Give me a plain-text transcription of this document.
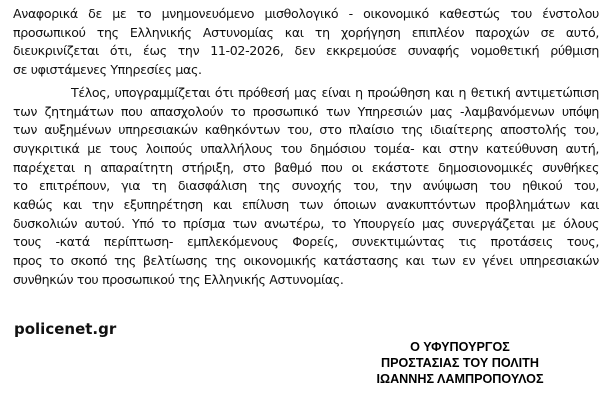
Αναφορικά δε με το μνημονευόμενο μισθολογικό - οικονομικό καθεστώς του ένστολου
προσωπικού της Ελληνικής Αστυνομίας και τη χορήγηση επιπλέον παροχών σε αυτό,
διευκρινίζεται ότι, έως την 11-02-2026, δεν εκκρεμούσε συναφής νομοθετική ρύθμιση
σε υφιστάμενες Υπηρεσίες μας.

Τέλος, υπογραμμίζεται ότι πρόθεσή μας είναι η προώθηση και η θετική αντιμετώπιση
των ζητημάτων που απασχολούν το προσωπικό των Υπηρεσιών μας -λαμβανόμενων υπόψη
των αυξημένων υπηρεσιακών καθηκόντων του, στο πλαίσιο της ιδιαίτερης αποστολής του,
συγκριτικά με τους λοιπούς υπαλλήλους του δημόσιου τομέα- και στην κατεύθυνση αυτή,
παρέχεται η απαραίτητη στήριξη, στο βαθμό που οι εκάστοτε δημοσιονομικές συνθήκες
το επιτρέπουν, για τη διασφάλιση της συνοχής του, την ανύψωση του ηθικού του,
καθώς και την εξυπηρέτηση και επίλυση των όποιων ανακυπτόντων προβλημάτων και
δυσκολιών αυτού. Υπό το πρίσμα των ανωτέρω, το Υπουργείο μας συνεργάζεται με όλους
τους -κατά περίπτωση- εμπλεκόμενους Φορείς, συνεκτιμώντας τις προτάσεις τους,
προς το σκοπό της βελτίωσης της οικονομικής κατάστασης και των εν γένει υπηρεσιακών
συνθηκών του προσωπικού της Ελληνικής Αστυνομίας.

policenet.gr
Ο ΥΦΥΠΟΥΡΓΟΣ
ΠΡΟΣΤΑΣΙΑΣ ΤΟΥ ΠΟΛΙΤΗ
ΙΩΑΝΝΗΣ ΛΑΜΠΡΟΠΟΥΛΟΣ
